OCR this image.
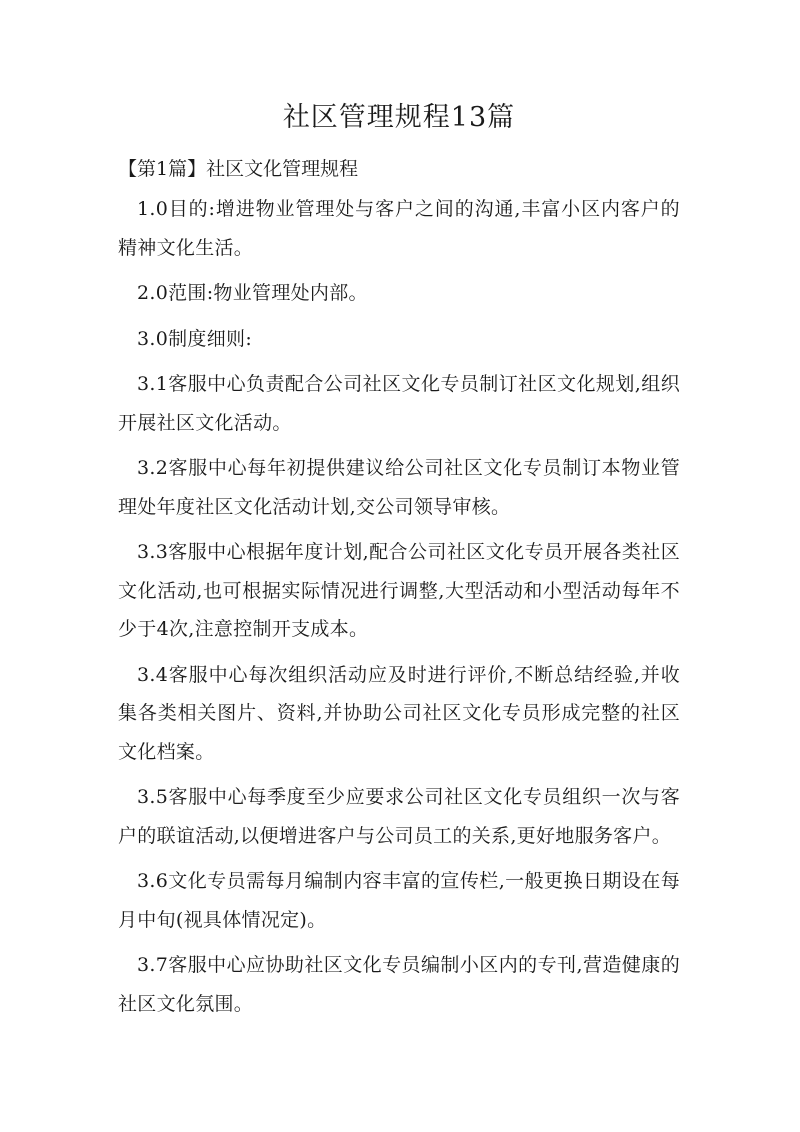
社区管理规程13篇
【第1篇】社区文化管理规程

1.0目的:增进物业管理处与客户之间的沟通,丰富小区内客户的精神文化生活。

2.0范围:物业管理处内部。

3.0制度细则:

3.1客服中心负责配合公司社区文化专员制订社区文化规划,组织开展社区文化活动。

3.2客服中心每年初提供建议给公司社区文化专员制订本物业管理处年度社区文化活动计划,交公司领导审核。

3.3客服中心根据年度计划,配合公司社区文化专员开展各类社区文化活动,也可根据实际情况进行调整,大型活动和小型活动每年不少于4次,注意控制开支成本。

3.4客服中心每次组织活动应及时进行评价,不断总结经验,并收集各类相关图片、资料,并协助公司社区文化专员形成完整的社区文化档案。

3.5客服中心每季度至少应要求公司社区文化专员组织一次与客户的联谊活动,以便增进客户与公司员工的关系,更好地服务客户。

3.6文化专员需每月编制内容丰富的宣传栏,一般更换日期设在每月中旬(视具体情况定)。

3.7客服中心应协助社区文化专员编制小区内的专刊,营造健康的社区文化氛围。
